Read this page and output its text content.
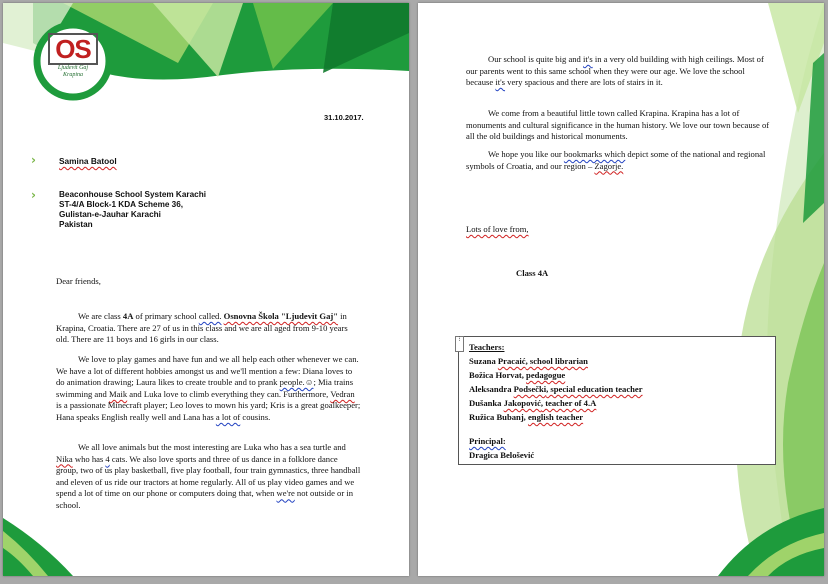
OS
Ljudevit Gaj
Krapina

31.10.2017.

›	Samina Batool

›	Beaconhouse School System Karachi

ST-4/A Block-1 KDA Scheme 36,

Gulistan-e-Jauhar Karachi

Pakistan

Dear friends,

We are class 4A of primary school called. Osnovna Škola "Ljudevit Gaj" in Krapina, Croatia. There are 27 of us in this class and we are all aged from 9-10 years old. There are 11 boys and 16 girls in our class.

We love to play games and have fun and we all help each other whenever we can. We have a lot of different hobbies amongst us and we'll mention a few: Diana loves to do animation drawing; Laura likes to create trouble and to prank people.☺; Mia trains swimming and Maik and Luka love to climb everything they can. Furthermore, Vedran is a passionate Minecraft player; Leo loves to mown his yard; Kris is a great goalkeeper; Hana speaks English really well and Lana has a lot of cousins.

We all love animals but the most interesting are Luka who has a sea turtle and Nika who has 4 cats. We also love sports and three of us dance in a folklore dance group, two of us play basketball, five play football, four train gymnastics, three handball and eleven of us ride our tractors at home regularly. All of us play video games and we spend a lot of time on our phone or computers doing that, when we're not outside or in school.

Our school is quite big and it's in a very old building with high ceilings. Most of our parents went to this same school when they were our age. We love the school because it's very spacious and there are lots of stairs in it.

We come from a beautiful little town called Krapina. Krapina has a lot of monuments and cultural significance in the human history. We love our town because of all the old buildings and historical monuments.

We hope you like our bookmarks which depict some of the national and regional symbols of Croatia, and our region – Zagorje.

Lots of love from,

Class 4A

⁝

Teachers:

Suzana Pracaić, school librarian

Božica Horvat, pedagogue

Aleksandra Podsečki, special education teacher

Dušanka Jakopović, teacher of 4.A

Ružica Bubanj, english teacher

Principal:

Dragica Belošević
